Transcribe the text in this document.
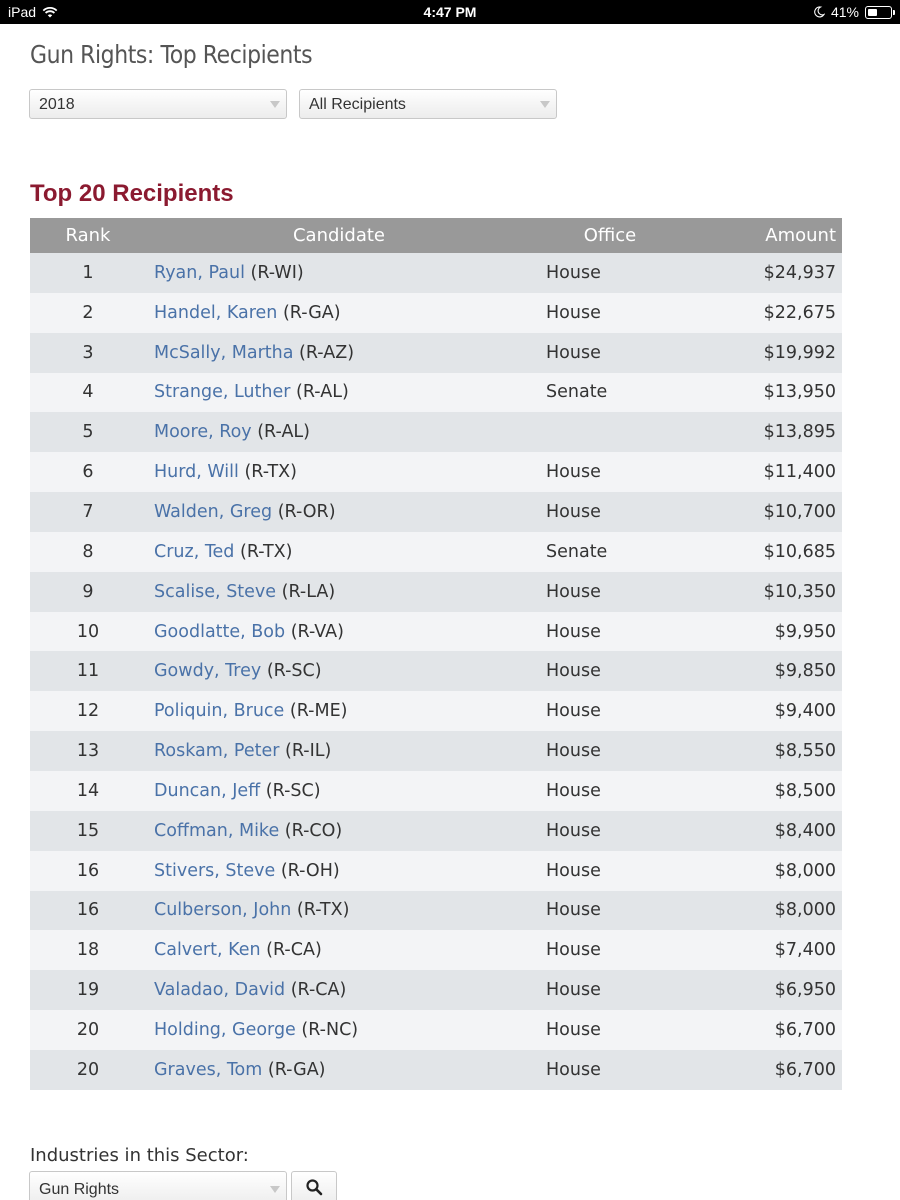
iPad	4:47 PM	41%
Gun Rights: Top Recipients
2018	All Recipients
Top 20 Recipients
Rank	Candidate	Office	Amount
1	Ryan, Paul (R-WI)	House	$24,937
2	Handel, Karen (R-GA)	House	$22,675
3	McSally, Martha (R-AZ)	House	$19,992
4	Strange, Luther (R-AL)	Senate	$13,950
5	Moore, Roy (R-AL)		$13,895
6	Hurd, Will (R-TX)	House	$11,400
7	Walden, Greg (R-OR)	House	$10,700
8	Cruz, Ted (R-TX)	Senate	$10,685
9	Scalise, Steve (R-LA)	House	$10,350
10	Goodlatte, Bob (R-VA)	House	$9,950
11	Gowdy, Trey (R-SC)	House	$9,850
12	Poliquin, Bruce (R-ME)	House	$9,400
13	Roskam, Peter (R-IL)	House	$8,550
14	Duncan, Jeff (R-SC)	House	$8,500
15	Coffman, Mike (R-CO)	House	$8,400
16	Stivers, Steve (R-OH)	House	$8,000
16	Culberson, John (R-TX)	House	$8,000
18	Calvert, Ken (R-CA)	House	$7,400
19	Valadao, David (R-CA)	House	$6,950
20	Holding, George (R-NC)	House	$6,700
20	Graves, Tom (R-GA)	House	$6,700
Industries in this Sector:
Gun Rights
